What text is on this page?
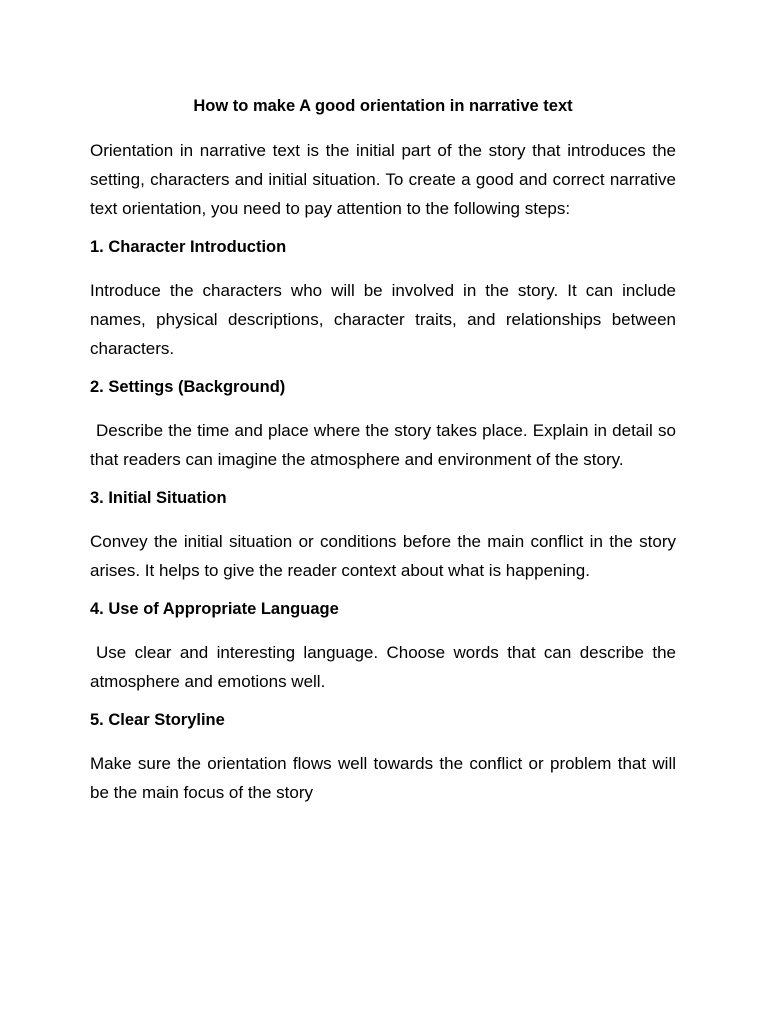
How to make A good orientation in narrative text

Orientation in narrative text is the initial part of the story that introduces the setting, characters and initial situation. To create a good and correct narrative text orientation, you need to pay attention to the following steps:

1. Character Introduction

Introduce the characters who will be involved in the story. It can include names, physical descriptions, character traits, and relationships between characters.

2. Settings (Background)

Describe the time and place where the story takes place. Explain in detail so that readers can imagine the atmosphere and environment of the story.

3. Initial Situation

Convey the initial situation or conditions before the main conflict in the story arises. It helps to give the reader context about what is happening.

4. Use of Appropriate Language

Use clear and interesting language. Choose words that can describe the atmosphere and emotions well.

5. Clear Storyline

Make sure the orientation flows well towards the conflict or problem that will be the main focus of the story
